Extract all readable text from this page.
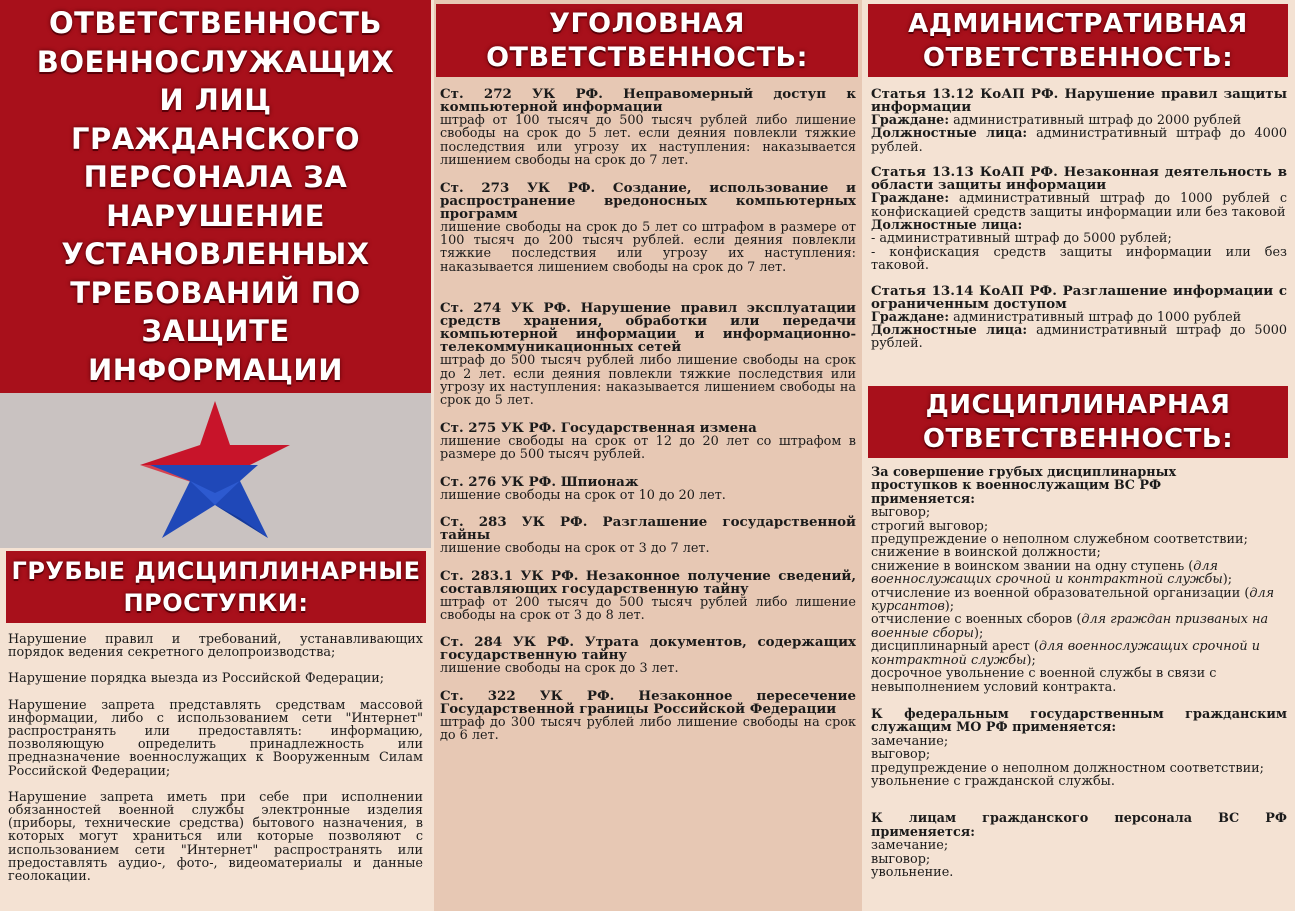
ОТВЕТСТВЕННОСТЬ ВОЕННОСЛУЖАЩИХ И ЛИЦ ГРАЖДАНСКОГО ПЕРСОНАЛА ЗА НАРУШЕНИЕ УСТАНОВЛЕННЫХ ТРЕБОВАНИЙ ПО ЗАЩИТЕ ИНФОРМАЦИИ
ГРУБЫЕ ДИСЦИПЛИНАРНЫЕ ПРОСТУПКИ:

Нарушение правил и требований, устанавливающих порядок ведения секретного делопроизводства;

Нарушение порядка выезда из Российской Федерации;

Нарушение запрета представлять средствам массовой информации, либо с использованием сети "Интернет" распространять или предоставлять: информацию, позволяющую определить принадлежность или предназначение военнослужащих к Вооруженным Силам Российской Федерации;

Нарушение запрета иметь при себе при исполнении обязанностей военной службы электронные изделия (приборы, технические средства) бытового назначения, в которых могут храниться или которые позволяют с использованием сети "Интернет" распространять или предоставлять аудио-, фото-, видеоматериалы и данные геолокации.

УГОЛОВНАЯ ОТВЕТСТВЕННОСТЬ:

Ст. 272 УК РФ. Неправомерный доступ к компьютерной информации

штраф от 100 тысяч до 500 тысяч рублей либо лишение свободы на срок до 5 лет. если деяния повлекли тяжкие последствия или угрозу их наступления: наказывается лишением свободы на срок до 7 лет.

Ст. 273 УК РФ. Создание, использование и распространение вредоносных компьютерных программ

лишение свободы на срок до 5 лет со штрафом в размере от 100 тысяч до 200 тысяч рублей. если деяния повлекли тяжкие последствия или угрозу их наступления: наказывается лишением свободы на срок до 7 лет.

Ст. 274 УК РФ. Нарушение правил эксплуатации средств хранения, обработки или передачи компьютерной информации и информационно-телекоммуникационных сетей

штраф до 500 тысяч рублей либо лишение свободы на срок до 2 лет. если деяния повлекли тяжкие последствия или угрозу их наступления: наказывается лишением свободы на срок до 5 лет.

Ст. 275 УК РФ. Государственная измена

лишение свободы на срок от 12 до 20 лет со штрафом в размере до 500 тысяч рублей.

Ст. 276 УК РФ. Шпионаж

лишение свободы на срок от 10 до 20 лет.

Ст. 283 УК РФ. Разглашение государственной тайны

лишение свободы на срок от 3 до 7 лет.

Ст. 283.1 УК РФ. Незаконное получение сведений, составляющих государственную тайну

штраф от 200 тысяч до 500 тысяч рублей либо лишение свободы на срок от 3 до 8 лет.

Ст. 284 УК РФ. Утрата документов, содержащих государственную тайну

лишение свободы на срок до 3 лет.

Ст. 322 УК РФ. Незаконное пересечение Государственной границы Российской Федерации

штраф до 300 тысяч рублей либо лишение свободы на срок до 6 лет.

АДМИНИСТРАТИВНАЯ ОТВЕТСТВЕННОСТЬ:

Статья 13.12 КоАП РФ. Нарушение правил защиты информации

Граждане: административный штраф до 2000 рублей

Должностные лица: административный штраф до 4000 рублей.

Статья 13.13 КоАП РФ. Незаконная деятельность в области защиты информации

Граждане: административный штраф до 1000 рублей с конфискацией средств защиты информации или без таковой

Должностные лица:

- административный штраф до 5000 рублей;

- конфискация средств защиты информации или без таковой.

Статья 13.14 КоАП РФ. Разглашение информации с ограниченным доступом

Граждане: административный штраф до 1000 рублей

Должностные лица: административный штраф до 5000 рублей.

ДИСЦИПЛИНАРНАЯ ОТВЕТСТВЕННОСТЬ:

За совершение грубых дисциплинарных проступков к военнослужащим ВС РФ применяется:

выговор;

строгий выговор;

предупреждение о неполном служебном соответствии;

снижение в воинской должности;

снижение в воинском звании на одну ступень (для военнослужащих срочной и контрактной службы);

отчисление из военной образовательной организации (для курсантов);

отчисление с военных сборов (для граждан призваных на военные сборы);

дисциплинарный арест (для военнослужащих срочной и контрактной службы);

досрочное увольнение с военной службы в связи с невыполнением условий контракта.

К федеральным государственным гражданским служащим МО РФ применяется:

замечание;

выговор;

предупреждение о неполном должностном соответствии;

увольнение с гражданской службы.

К лицам гражданского персонала ВС РФ применяется:

замечание;

выговор;

увольнение.
